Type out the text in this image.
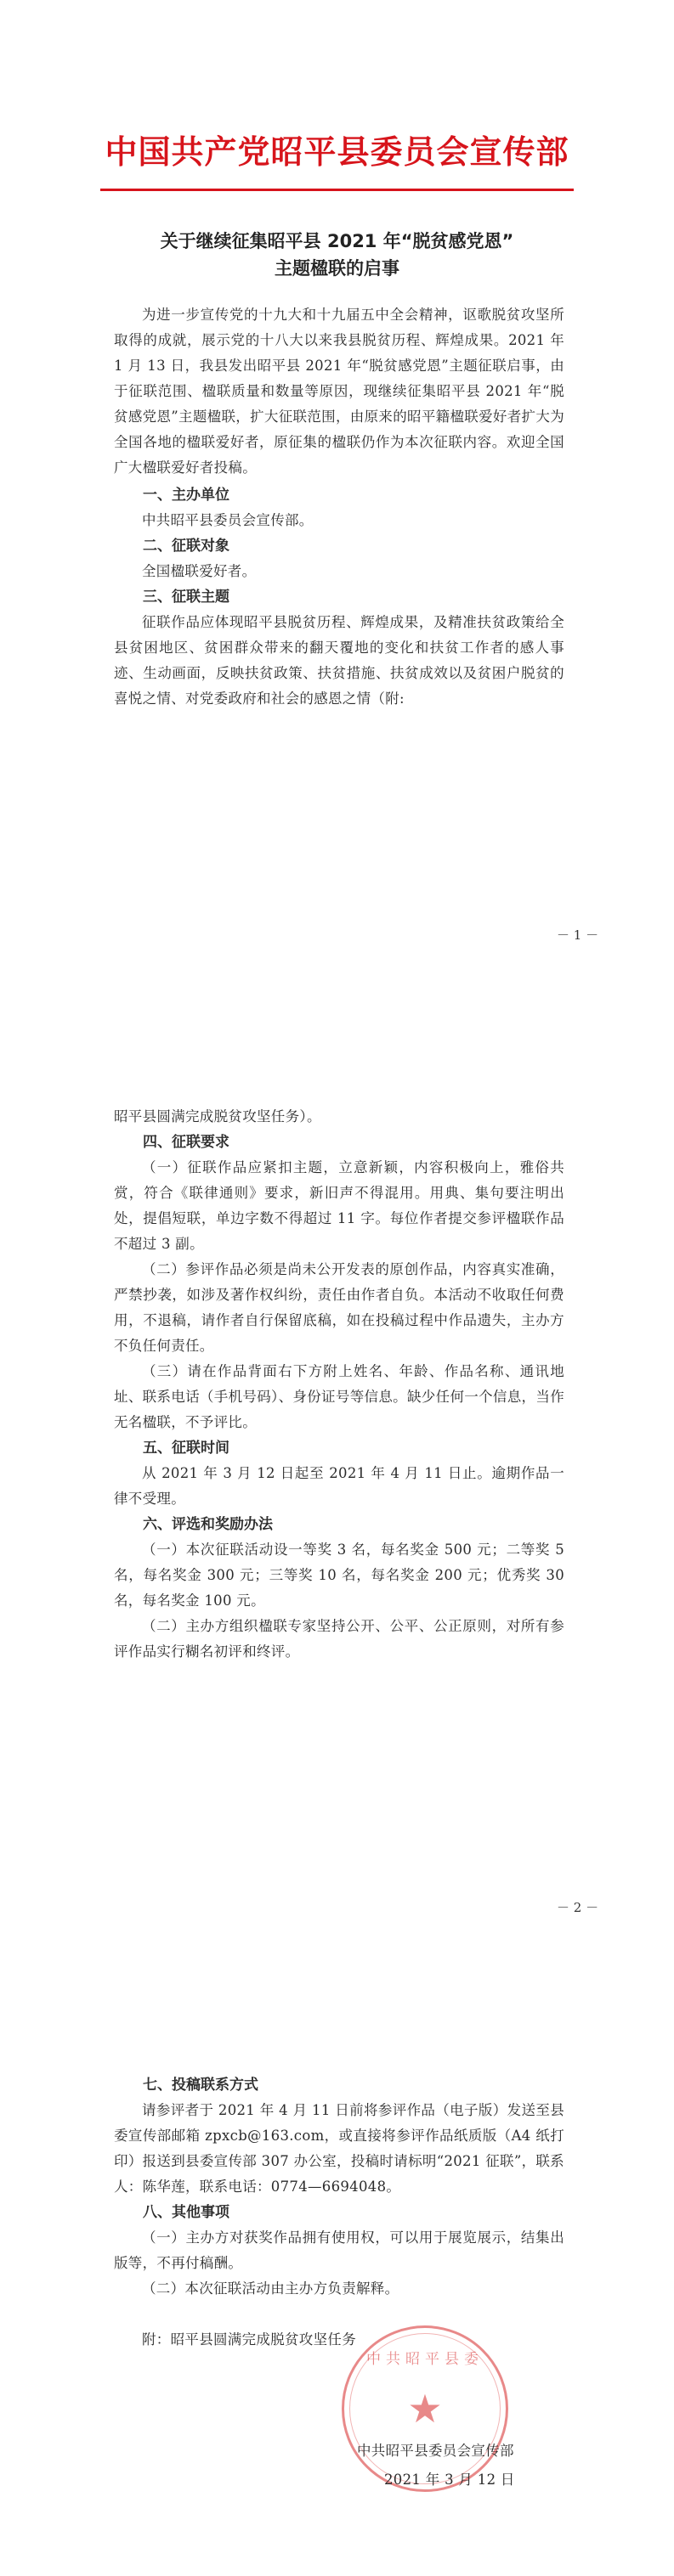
中国共产党昭平县委员会宣传部
关于继续征集昭平县 2021 年“脱贫感党恩”
主题楹联的启事

为进一步宣传党的十九大和十九届五中全会精神，讴歌脱贫攻坚所取得的成就，展示党的十八大以来我县脱贫历程、辉煌成果。2021 年 1 月 13 日，我县发出昭平县 2021 年“脱贫感党恩”主题征联启事，由于征联范围、楹联质量和数量等原因，现继续征集昭平县 2021 年“脱贫感党恩”主题楹联，扩大征联范围，由原来的昭平籍楹联爱好者扩大为全国各地的楹联爱好者，原征集的楹联仍作为本次征联内容。欢迎全国广大楹联爱好者投稿。

一、主办单位

中共昭平县委员会宣传部。

二、征联对象

全国楹联爱好者。

三、征联主题

征联作品应体现昭平县脱贫历程、辉煌成果，及精准扶贫政策给全县贫困地区、贫困群众带来的翻天覆地的变化和扶贫工作者的感人事迹、生动画面，反映扶贫政策、扶贫措施、扶贫成效以及贫困户脱贫的喜悦之情、对党委政府和社会的感恩之情（附:

－ 1 －

昭平县圆满完成脱贫攻坚任务）。

四、征联要求

（一）征联作品应紧扣主题，立意新颖，内容积极向上，雅俗共赏，符合《联律通则》要求，新旧声不得混用。用典、集句要注明出处，提倡短联，单边字数不得超过 11 字。每位作者提交参评楹联作品不超过 3 副。

（二）参评作品必须是尚未公开发表的原创作品，内容真实准确，严禁抄袭，如涉及著作权纠纷，责任由作者自负。本活动不收取任何费用，不退稿，请作者自行保留底稿，如在投稿过程中作品遗失，主办方不负任何责任。

（三）请在作品背面右下方附上姓名、年龄、作品名称、通讯地址、联系电话（手机号码）、身份证号等信息。缺少任何一个信息，当作无名楹联，不予评比。

五、征联时间

从 2021 年 3 月 12 日起至 2021 年 4 月 11 日止。逾期作品一律不受理。

六、评选和奖励办法

（一）本次征联活动设一等奖 3 名，每名奖金 500 元；二等奖 5 名，每名奖金 300 元；三等奖 10 名，每名奖金 200 元；优秀奖 30 名，每名奖金 100 元。

（二）主办方组织楹联专家坚持公开、公平、公正原则，对所有参评作品实行糊名初评和终评。

－ 2 －
七、投稿联系方式

请参评者于 2021 年 4 月 11 日前将参评作品（电子版）发送至县委宣传部邮箱 zpxcb@163.com，或直接将参评作品纸质版（A4 纸打印）报送到县委宣传部 307 办公室，投稿时请标明“2021 征联”，联系人：陈华莲，联系电话：0774—6694048。

八、其他事项

（一）主办方对获奖作品拥有使用权，可以用于展览展示，结集出版等，不再付稿酬。

（二）本次征联活动由主办方负责解释。

附：昭平县圆满完成脱贫攻坚任务

中共昭平县委
★
中共昭平县委员会宣传部
2021 年 3 月 12 日
